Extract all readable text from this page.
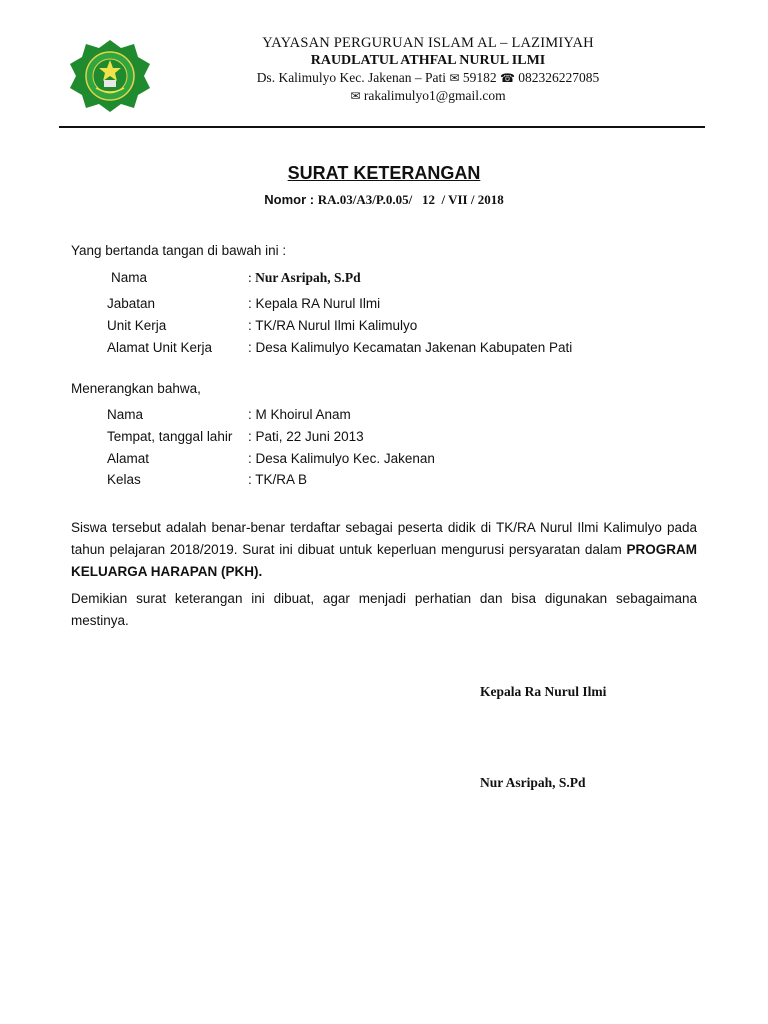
YAYASAN PERGURUAN ISLAM AL – LAZIMIYAH
RAUDLATUL ATHFAL NURUL ILMI
Ds. Kalimulyo Kec. Jakenan – Pati ✉ 59182 ☎ 082326227085
✉ rakalimulyo1@gmail.com
SURAT KETERANGAN
Nomor : RA.03/A3/P.0.05/   12  / VII / 2018
Yang bertanda tangan di bawah ini :
Nama	: Nur Asripah, S.Pd
Jabatan	: Kepala RA Nurul Ilmi
Unit Kerja	: TK/RA Nurul Ilmi Kalimulyo
Alamat Unit Kerja	: Desa Kalimulyo Kecamatan Jakenan Kabupaten Pati
Menerangkan bahwa,
Nama	: M Khoirul Anam
Tempat, tanggal lahir : Pati, 22 Juni 2013
Alamat	: Desa Kalimulyo Kec. Jakenan
Kelas	: TK/RA B
Siswa tersebut adalah benar-benar terdaftar sebagai peserta didik di TK/RA Nurul Ilmi Kalimulyo pada tahun pelajaran 2018/2019. Surat ini dibuat untuk keperluan mengurusi persyaratan dalam PROGRAM KELUARGA HARAPAN (PKH).
Demikian surat keterangan ini dibuat, agar menjadi perhatian dan bisa digunakan sebagaimana mestinya.
Kepala Ra Nurul Ilmi
Nur Asripah, S.Pd
